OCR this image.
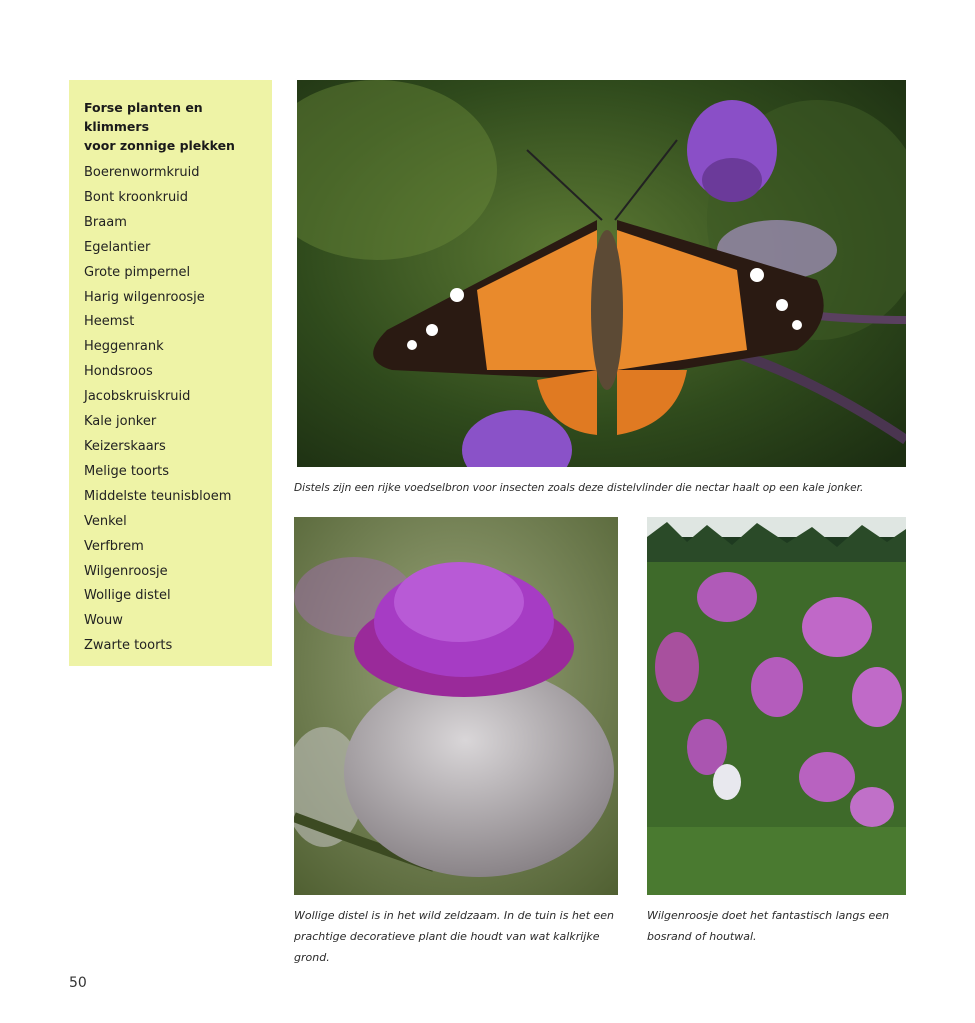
Forse planten en klimmers
voor zonnige plekken
Boerenwormkruid
Bont kroonkruid
Braam
Egelantier
Grote pimpernel
Harig wilgenroosje
Heemst
Heggenrank
Hondsroos
Jacobskruiskruid
Kale jonker
Keizerskaars
Melige toorts
Middelste teunisbloem
Venkel
Verfbrem
Wilgenroosje
Wollige distel
Wouw
Zwarte toorts
Distels zijn een rijke voedselbron voor insecten zoals deze distelvlinder die nectar haalt op een kale jonker.
Wollige distel is in het wild zeldzaam. In de tuin is het een
prachtige decoratieve plant die houdt van wat kalkrijke grond.
Wilgenroosje doet het fantastisch langs een
bosrand of houtwal.
50
